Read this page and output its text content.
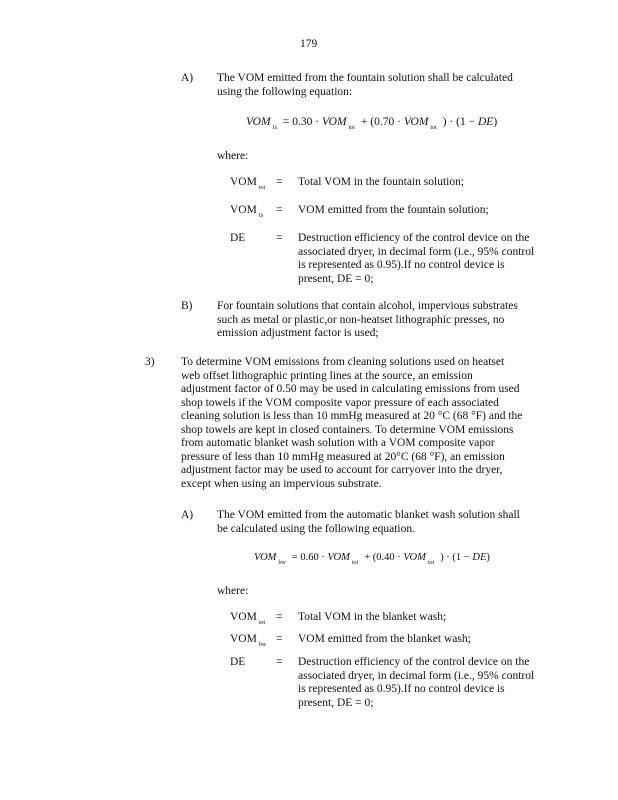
179
A) The VOM emitted from the fountain solution shall be calculated
using the following equation:
VOM $_{fs}$ = 0.30 · VOM $_{tot}$ + (0.70 · VOM $_{tot}$ ) · (1 − DE)
where:
VOM $_{tot}$ = Total VOM in the fountain solution;
VOM $_{fs}$	= VOM emitted from the fountain solution;
DE	= Destruction efficiency of the control device on the
associated dryer, in decimal form (i.e., 95% control
is represented as 0.95).If no control device is
present, DE = 0;
B) For fountain solutions that contain alcohol, impervious substrates
such as metal or plastic,or non-heatset lithographic presses, no
emission adjustment factor is used;
3) To determine VOM emissions from cleaning solutions used on heatset
web offset lithographic printing lines at the source, an emission
adjustment factor of 0.50 may be used in calculating emissions from used
shop towels if the VOM composite vapor pressure of each associated
cleaning solution is less than 10 mmHg measured at 20 °C (68 °F) and the
shop towels are kept in closed containers. To determine VOM emissions
from automatic blanket wash solution with a VOM composite vapor
pressure of less than 10 mmHg measured at 20°C (68 °F), an emission
adjustment factor may be used to account for carryover into the dryer,
except when using an impervious substrate.
A) The VOM emitted from the automatic blanket wash solution shall
be calculated using the following equation.
VOM $_{bw}$ = 0.60 · VOM $_{tot}$ + (0.40 · VOM $_{tot}$ ) · (1 − DE)
where:
VOM $_{tot}$ = Total VOM in the blanket wash;
VOM $_{bw}$ = VOM emitted from the blanket wash;
DE	= Destruction efficiency of the control device on the
associated dryer, in decimal form (i.e., 95% control
is represented as 0.95).If no control device is
present, DE = 0;
